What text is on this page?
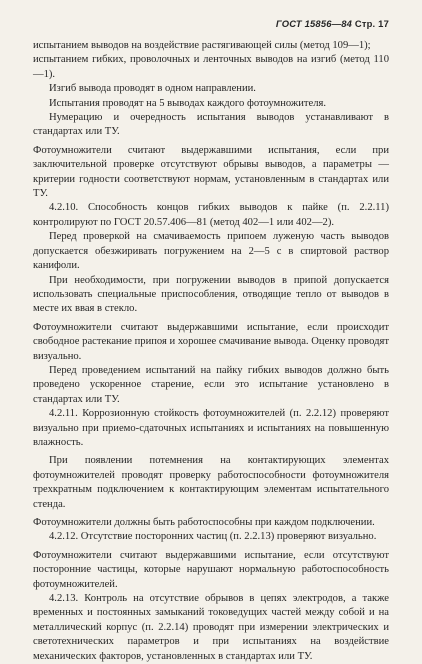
ГОСТ 15856—84 Стр. 17

испытанием выводов на воздействие растягивающей силы (метод 109—1);

испытанием гибких, проволочных и ленточных выводов на изгиб (метод 110—1).

Изгиб вывода проводят в одном направлении.

Испытания проводят на 5 выводах каждого фотоумножителя.

Нумерацию и очередность испытания выводов устанавливают в стандартах или ТУ.

Фотоумножители считают выдержавшими испытания, если при заключительной проверке отсутствуют обрывы выводов, а параметры — критерии годности соответствуют нормам, установленным в стандартах или ТУ.

4.2.10. Способность концов гибких выводов к пайке (п. 2.2.11) контролируют по ГОСТ 20.57.406—81 (метод 402—1 или 402—2).

Перед проверкой на смачиваемость припоем луженую часть выводов допускается обезжиривать погружением на 2—5 с в спиртовой раствор канифоли.

При необходимости, при погружении выводов в припой допускается использовать специальные приспособления, отводящие тепло от выводов в месте их ввая в стекло.

Фотоумножители считают выдержавшими испытание, если происходит свободное растекание припоя и хорошее смачивание вывода. Оценку проводят визуально.

Перед проведением испытаний на пайку гибких выводов должно быть проведено ускоренное старение, если это испытание установлено в стандартах или ТУ.

4.2.11. Коррозионную стойкость фотоумножителей (п. 2.2.12) проверяют визуально при приемо-сдаточных испытаниях и испытаниях на повышенную влажность.

При появлении потемнения на контактирующих элементах фотоумножителей проводят проверку работоспособности фотоумножителя трехкратным подключением к контактирующим элементам испытательного стенда.

Фотоумножители должны быть работоспособны при каждом подключении.

4.2.12. Отсутствие посторонних частиц (п. 2.2.13) проверяют визуально.

Фотоумножители считают выдержавшими испытание, если отсутствуют посторонние частицы, которые нарушают нормальную работоспособность фотоумножителей.

4.2.13. Контроль на отсутствие обрывов в цепях электродов, а также временных и постоянных замыканий токоведущих частей между собой и на металлический корпус (п. 2.2.14) проводят при измерении электрических и светотехнических параметров и при испытаниях на воздействие механических факторов, установленных в стандартах или ТУ.
